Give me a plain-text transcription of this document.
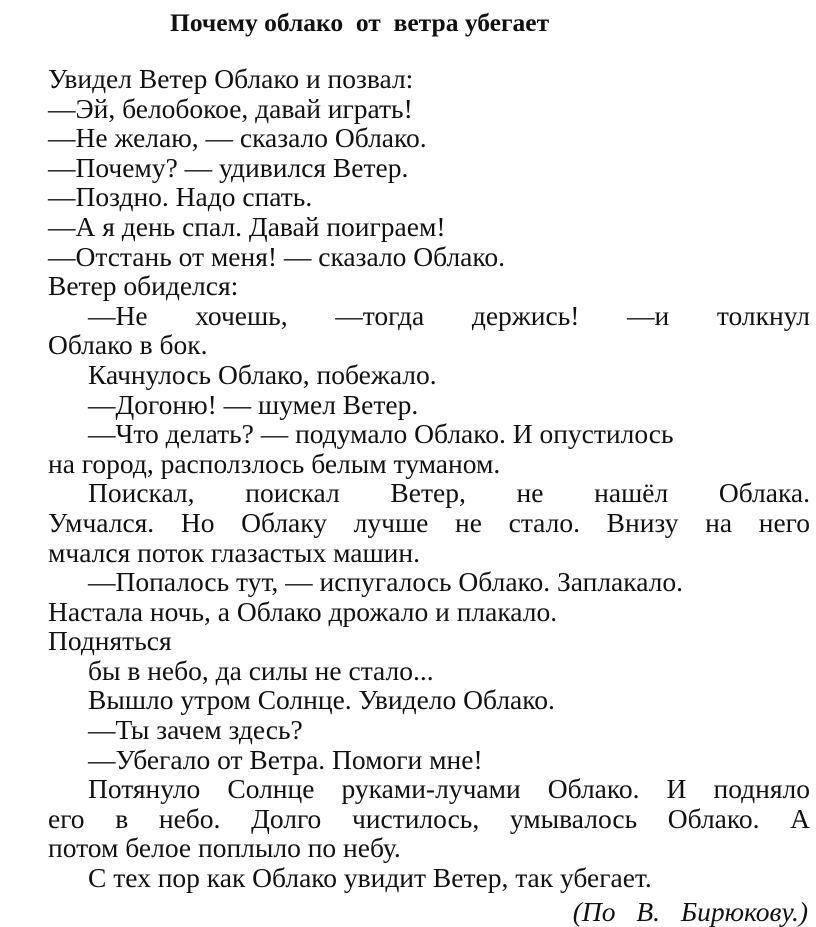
Почему облако  от  ветра убегает
Увидел Ветер Облако и позвал:
—Эй, белобокое, давай играть!
—Не желаю, — сказало Облако.
—Почему? — удивился Ветер.
—Поздно. Надо спать.
—А я день спал. Давай поиграем!
—Отстань от меня! — сказало Облако.
Ветер обиделся:
—Не хочешь, —тогда держись! —и толкнул
Облако в бок.
Качнулось Облако, побежало.
—Догоню! — шумел Ветер.
—Что делать? — подумало Облако. И опустилось
на город, расползлось белым туманом.
Поискал, поискал Ветер, не нашёл Облака.
Умчался. Но Облаку лучше не стало. Внизу на него
мчался поток глазастых машин.
—Попалось тут, — испугалось Облако. Заплакало.
Настала ночь, а Облако дрожало и плакало.
Подняться
бы в небо, да силы не стало...
Вышло утром Солнце. Увидело Облако.
—Ты зачем здесь?
—Убегало от Ветра. Помоги мне!
Потянуло Солнце руками-лучами Облако. И подняло
его в небо. Долго чистилось, умывалось Облако. А
потом белое поплыло по небу.
С тех пор как Облако увидит Ветер, так убегает.
(По В. Бирюкову.)
